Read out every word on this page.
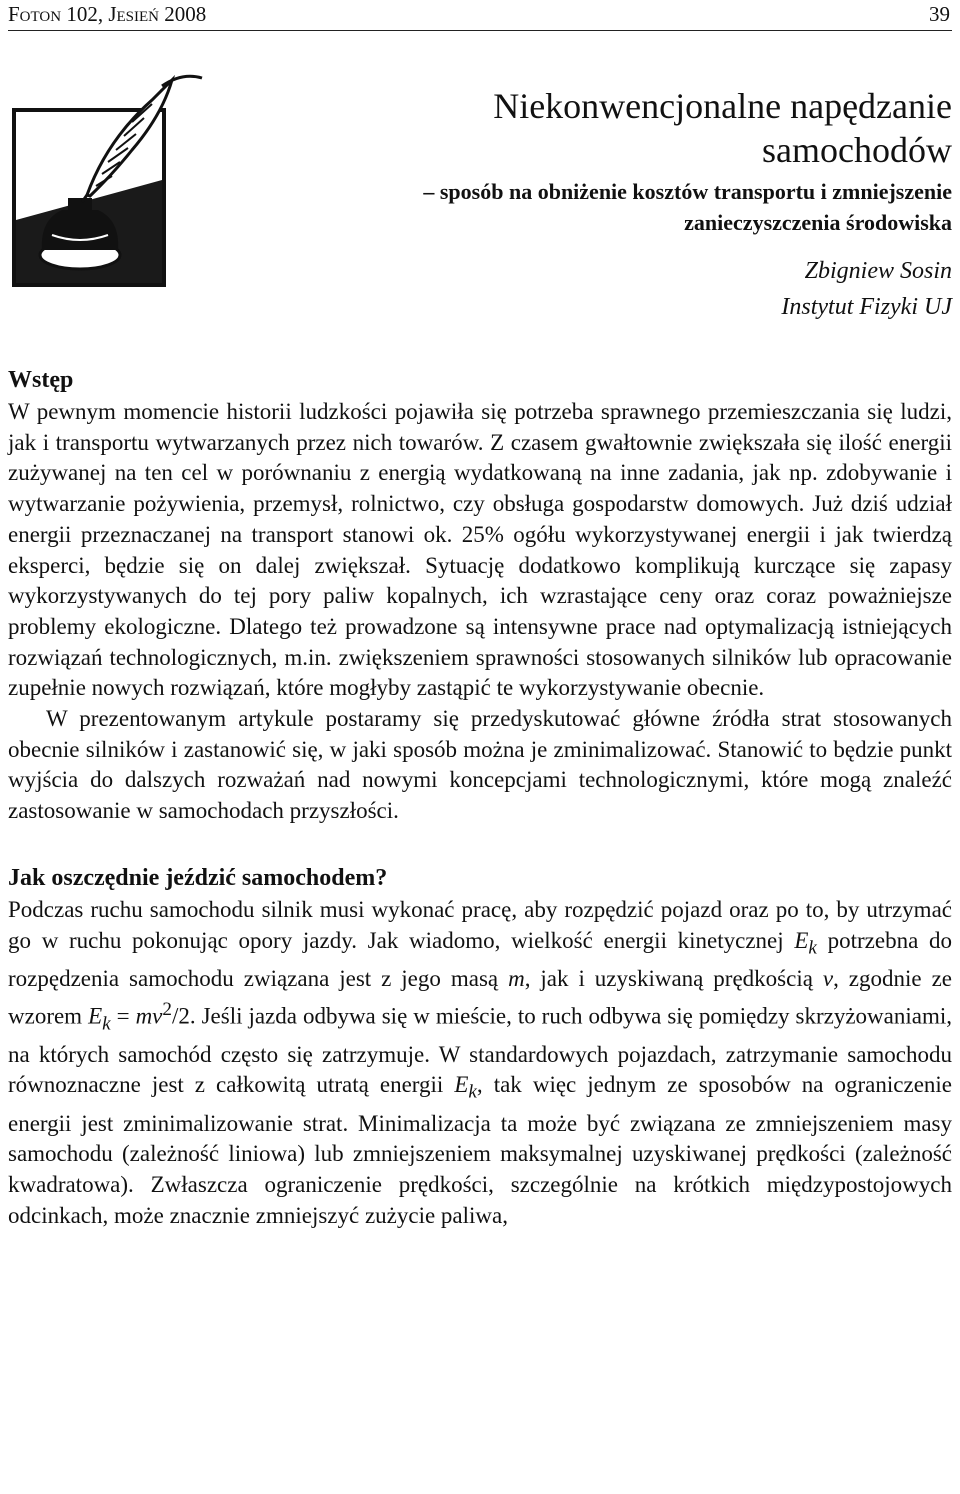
Foton 102, Jesień 2008	39
Niekonwencjonalne napędzanie
samochodów
– sposób na obniżenie kosztów transportu i zmniejszenie
zanieczyszczenia środowiska
Zbigniew Sosin
Instytut Fizyki UJ
Wstęp

W pewnym momencie historii ludzkości pojawiła się potrzeba sprawnego przemieszczania się ludzi, jak i transportu wytwarzanych przez nich towarów. Z czasem gwałtownie zwiększała się ilość energii zużywanej na ten cel w porównaniu z energią wydatkowaną na inne zadania, jak np. zdobywanie i wytwarzanie pożywienia, przemysł, rolnictwo, czy obsługa gospodarstw domowych. Już dziś udział energii przeznaczanej na transport stanowi ok. 25% ogółu wykorzystywanej energii i jak twierdzą eksperci, będzie się on dalej zwiększał. Sytuację dodatkowo komplikują kurczące się zapasy wykorzystywanych do tej pory paliw kopalnych, ich wzrastające ceny oraz coraz poważniejsze problemy ekologiczne. Dlatego też prowadzone są intensywne prace nad optymalizacją istniejących rozwiązań technologicznych, m.in. zwiększeniem sprawności stosowanych silników lub opracowanie zupełnie nowych rozwiązań, które mogłyby zastąpić te wykorzystywanie obecnie.

W prezentowanym artykule postaramy się przedyskutować główne źródła strat stosowanych obecnie silników i zastanowić się, w jaki sposób można je zminimalizować. Stanowić to będzie punkt wyjścia do dalszych rozważań nad nowymi koncepcjami technologicznymi, które mogą znaleźć zastosowanie w samochodach przyszłości.

Jak oszczędnie jeździć samochodem?

Podczas ruchu samochodu silnik musi wykonać pracę, aby rozpędzić pojazd oraz po to, by utrzymać go w ruchu pokonując opory jazdy. Jak wiadomo, wielkość energii kinetycznej $E_k$ potrzebna do rozpędzenia samochodu związana jest z jego masą m, jak i uzyskiwaną prędkością v, zgodnie ze wzorem $E_k = mv^2/2$. Jeśli jazda odbywa się w mieście, to ruch odbywa się pomiędzy skrzyżowaniami, na których samochód często się zatrzymuje. W standardowych pojazdach, zatrzymanie samochodu równoznaczne jest z całkowitą utratą energii $E_k$, tak więc jednym ze sposobów na ograniczenie energii jest zminimalizowanie strat. Minimalizacja ta może być związana ze zmniejszeniem masy samochodu (zależność liniowa) lub zmniejszeniem maksymalnej uzyskiwanej prędkości (zależność kwadratowa). Zwłaszcza ograniczenie prędkości, szczególnie na krótkich międzypostojowych odcinkach, może znacznie zmniejszyć zużycie paliwa,
